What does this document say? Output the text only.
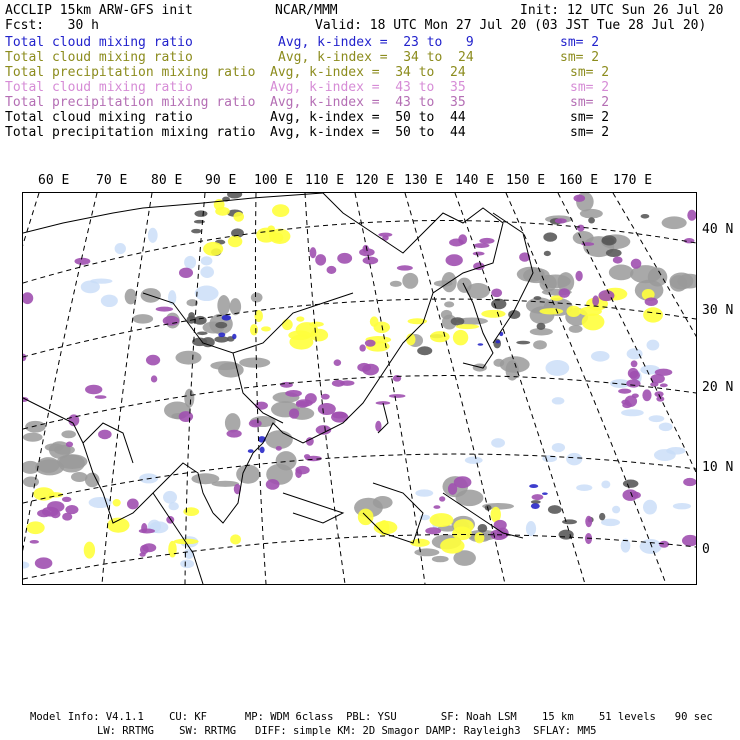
ACCLIP 15km ARW-GFS init	NCAR/MMM	Init: 12 UTC Sun 26 Jul 20
Fcst:   30 h	Valid: 18 UTC Mon 27 Jul 20 (03 JST Tue 28 Jul 20)
Total cloud mixing ratio	Avg, k-index =  23 to   9	sm= 2
Total cloud mixing ratio	Avg, k-index =  34 to  24	sm= 2
Total precipitation mixing ratio Avg, k-index =  34 to  24	sm= 2
Total cloud mixing ratio	Avg, k-index =  43 to  35	sm= 2
Total precipitation mixing ratio Avg, k-index =  43 to  35	sm= 2
Total cloud mixing ratio	Avg, k-index =  50 to  44	sm= 2
Total precipitation mixing ratio Avg, k-index =  50 to  44	sm= 2
60 E 70 E 80 E 90 E 100 E 110 E 120 E 130 E 140 E 150 E 160 E 170 E
40 N
30 N
20 N
10 N
0
Model Info: V4.1.1    CU: KF      MP: WDM 6class  PBL: YSU       SF: Noah LSM    15 km    51 levels   90 sec
LW: RRTMG    SW: RRTMG   DIFF: simple KM: 2D Smagor DAMP: Rayleigh3  SFLAY: MM5
